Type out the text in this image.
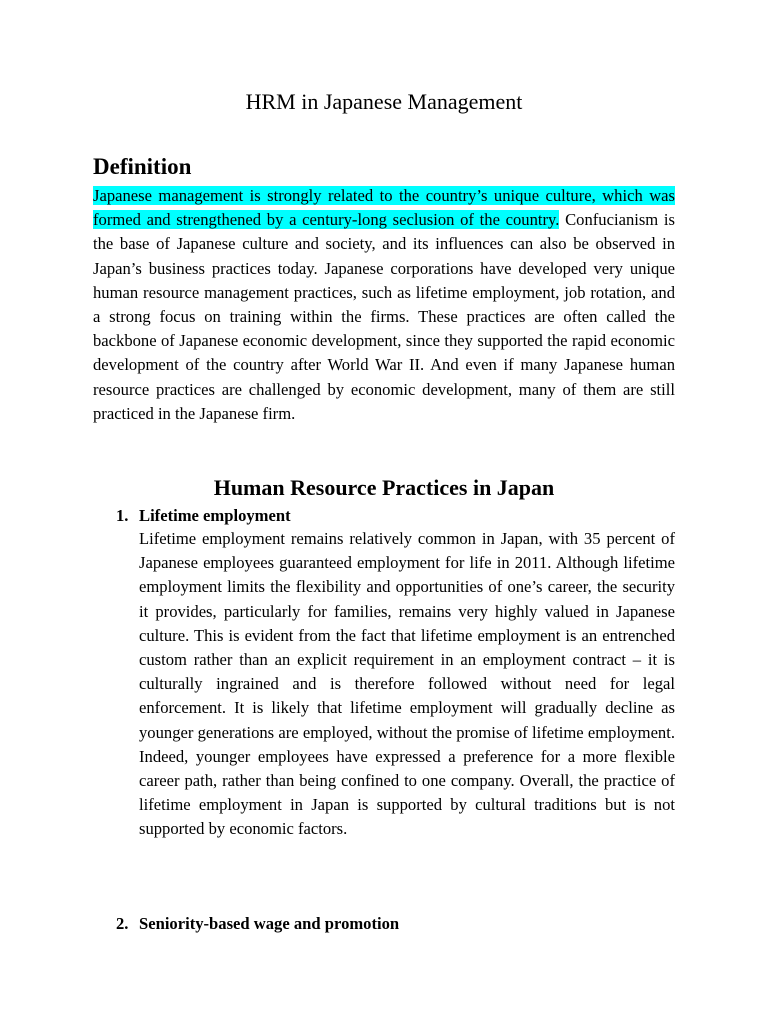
HRM in Japanese Management
Definition
Japanese management is strongly related to the country’s unique culture, which was formed and strengthened by a century-long seclusion of the country. Confucianism is the base of Japanese culture and society, and its influences can also be observed in Japan’s business practices today. Japanese corporations have developed very unique human resource management practices, such as lifetime employment, job rotation, and a strong focus on training within the firms. These practices are often called the backbone of Japanese economic development, since they supported the rapid economic development of the country after World War II. And even if many Japanese human resource practices are challenged by economic development, many of them are still practiced in the Japanese firm.
Human Resource Practices in Japan
1. Lifetime employment
Lifetime employment remains relatively common in Japan, with 35 percent of Japanese employees guaranteed employment for life in 2011. Although lifetime employment limits the flexibility and opportunities of one’s career, the security it provides, particularly for families, remains very highly valued in Japanese culture. This is evident from the fact that lifetime employment is an entrenched custom rather than an explicit requirement in an employment contract – it is culturally ingrained and is therefore followed without need for legal enforcement. It is likely that lifetime employment will gradually decline as younger generations are employed, without the promise of lifetime employment. Indeed, younger employees have expressed a preference for a more flexible career path, rather than being confined to one company. Overall, the practice of lifetime employment in Japan is supported by cultural traditions but is not supported by economic factors.
2. Seniority-based wage and promotion
